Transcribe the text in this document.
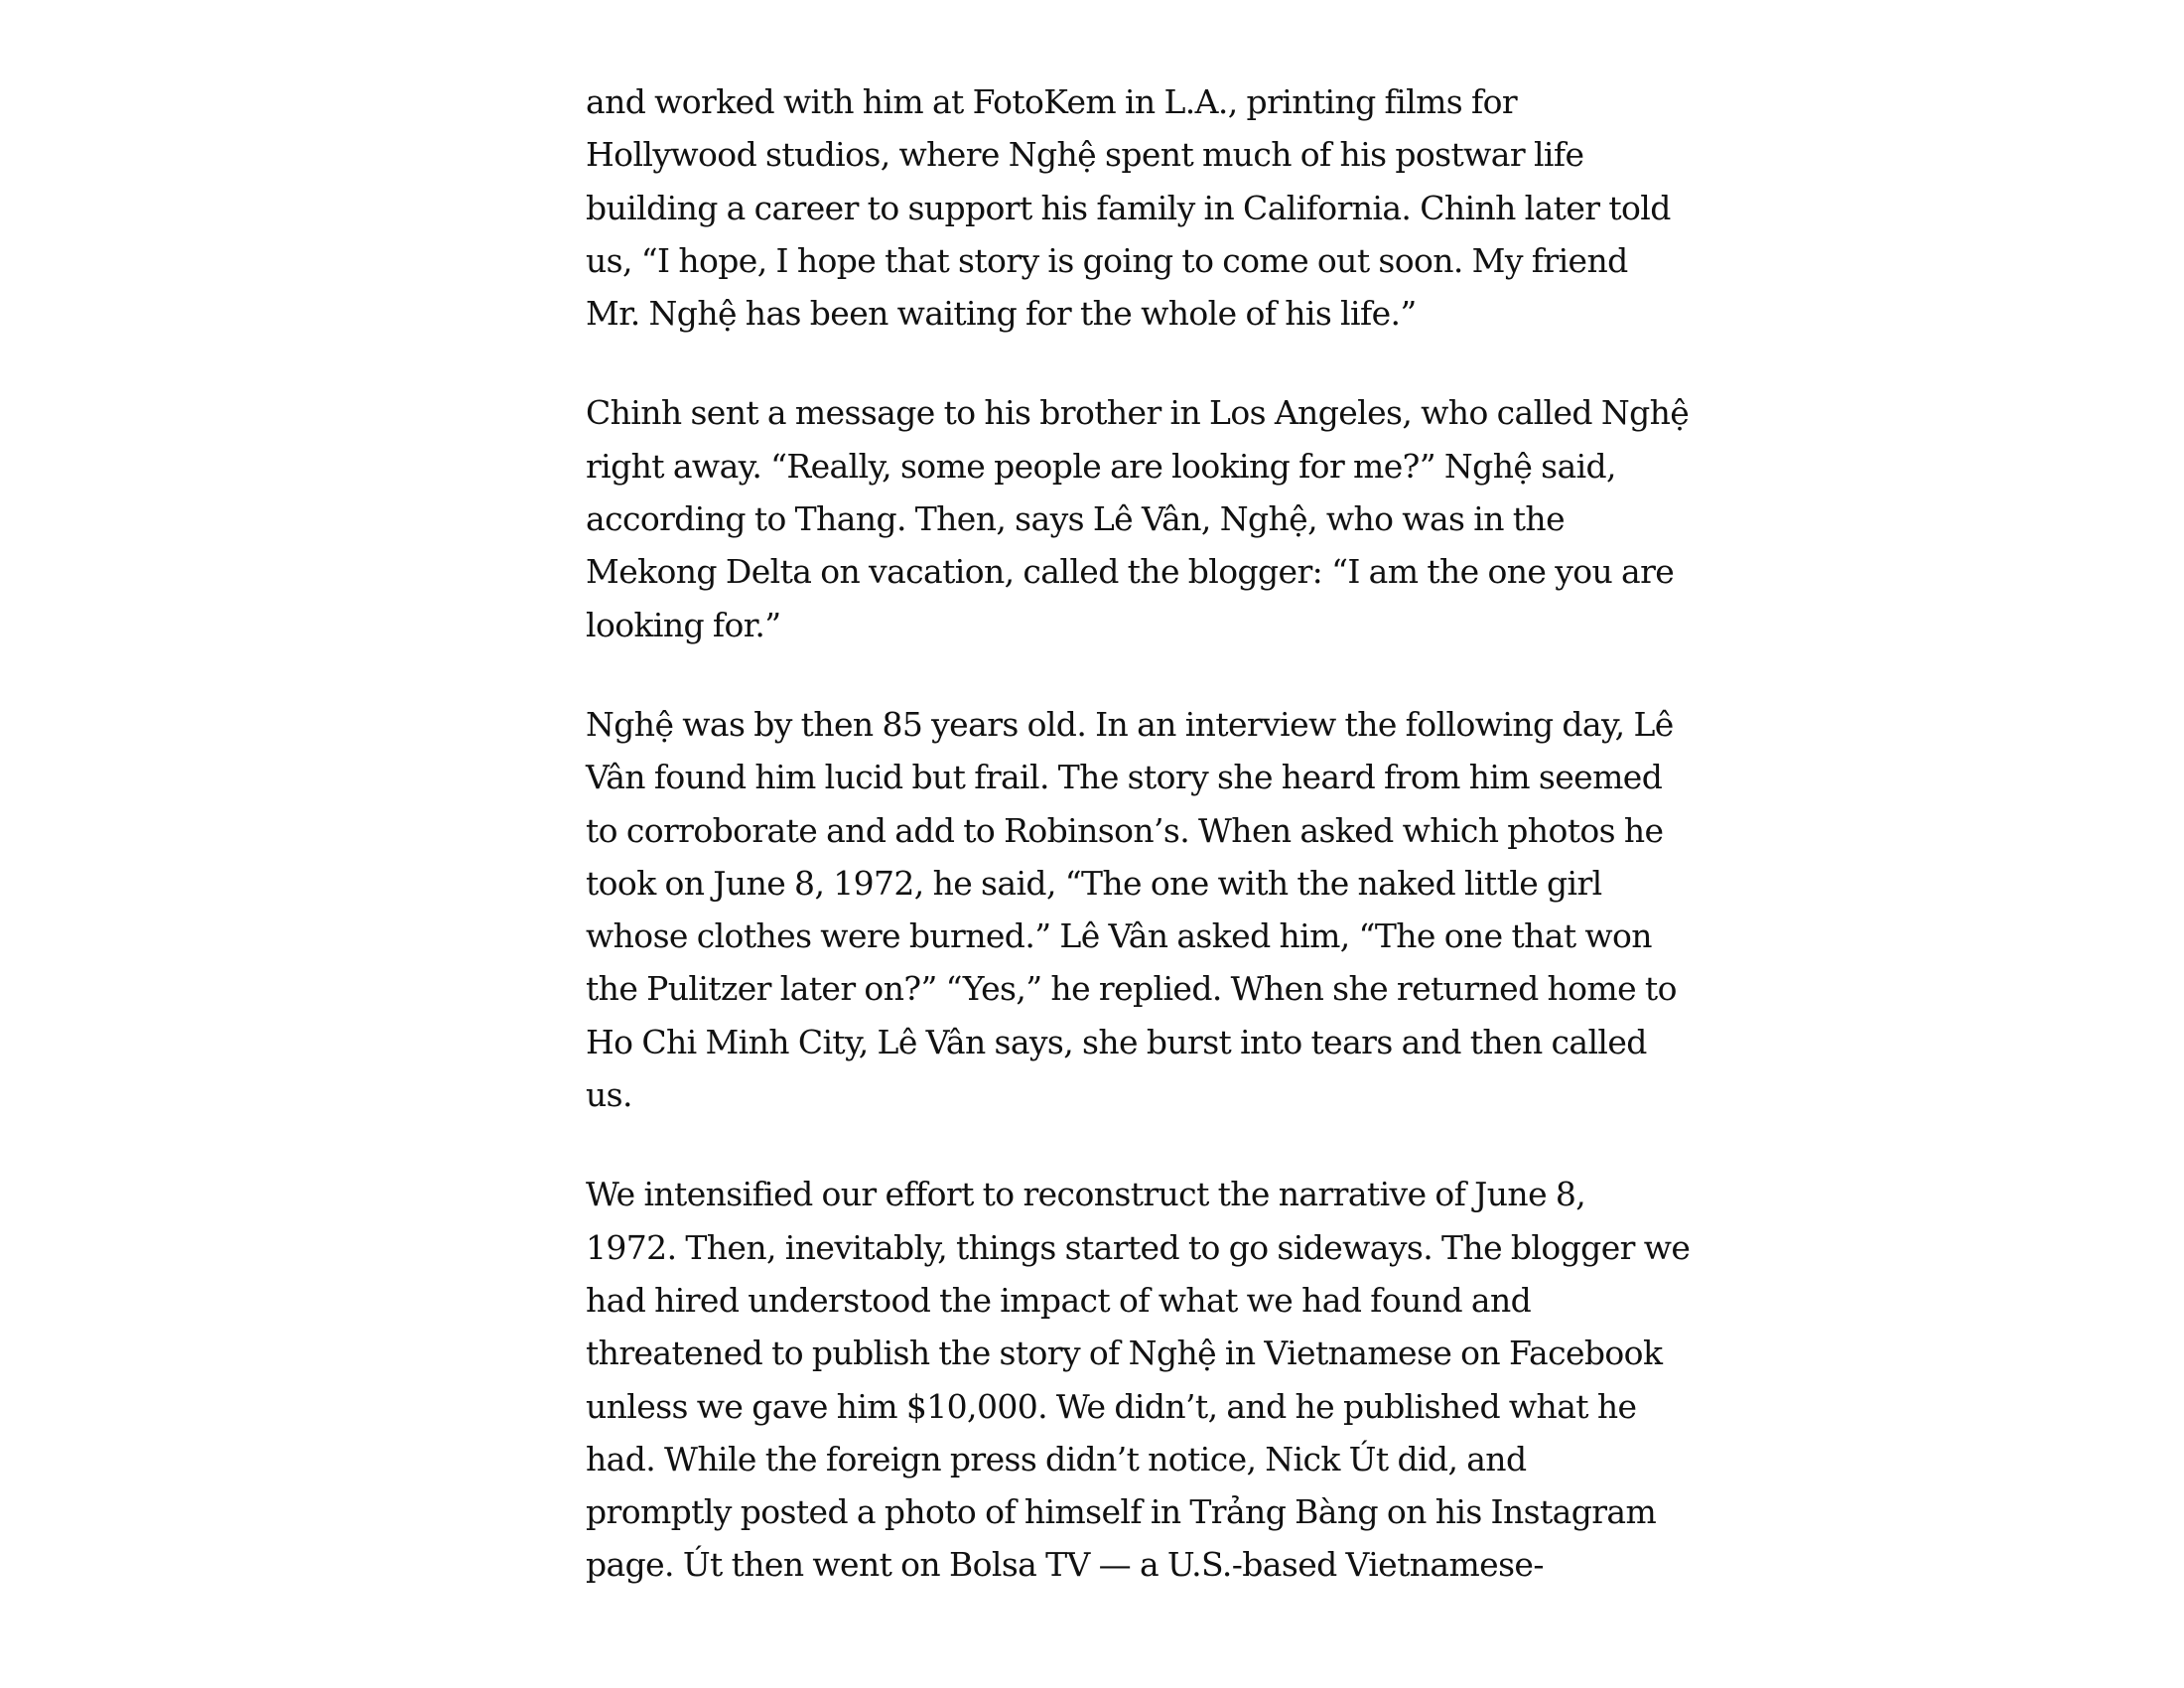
and worked with him at FotoKem in L.A., printing films for
Hollywood studios, where Nghệ spent much of his postwar life
building a career to support his family in California. Chinh later told
us, “I hope, I hope that story is going to come out soon. My friend
Mr. Nghệ has been waiting for the whole of his life.”
Chinh sent a message to his brother in Los Angeles, who called Nghệ
right away. “Really, some people are looking for me?” Nghệ said,
according to Thang. Then, says Lê Vân, Nghệ, who was in the
Mekong Delta on vacation, called the blogger: “I am the one you are
looking for.”
Nghệ was by then 85 years old. In an interview the following day, Lê
Vân found him lucid but frail. The story she heard from him seemed
to corroborate and add to Robinson’s. When asked which photos he
took on June 8, 1972, he said, “The one with the naked little girl
whose clothes were burned.” Lê Vân asked him, “The one that won
the Pulitzer later on?” “Yes,” he replied. When she returned home to
Ho Chi Minh City, Lê Vân says, she burst into tears and then called
us.
We intensified our effort to reconstruct the narrative of June 8,
1972. Then, inevitably, things started to go sideways. The blogger we
had hired understood the impact of what we had found and
threatened to publish the story of Nghệ in Vietnamese on Facebook
unless we gave him $10,000. We didn’t, and he published what he
had. While the foreign press didn’t notice, Nick Út did, and
promptly posted a photo of himself in Trảng Bàng on his Instagram
page. Út then went on Bolsa TV — a U.S.-based Vietnamese-
